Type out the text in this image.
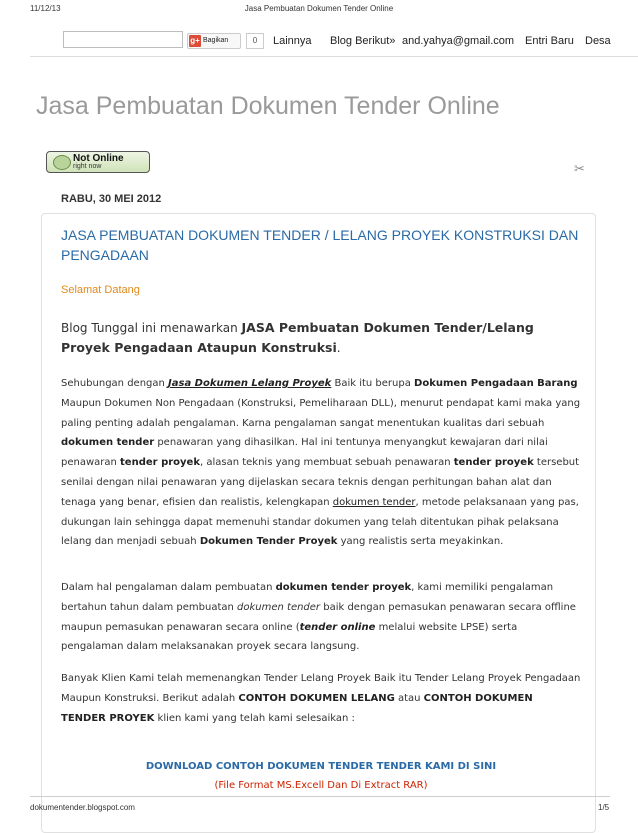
11/12/13	Jasa Pembuatan Dokumen Tender Online
g+ Bagikan	0	Lainnya Blog Berikut» and.yahya@gmail.com Entri Baru Desa
Jasa Pembuatan Dokumen Tender Online
Not Online
right now	✂
RABU, 30 MEI 2012
JASA PEMBUATAN DOKUMEN TENDER / LELANG PROYEK KONSTRUKSI DAN PENGADAAN
Selamat Datang
Blog Tunggal ini menawarkan JASA Pembuatan Dokumen Tender/Lelang Proyek Pengadaan Ataupun Konstruksi.
Sehubungan dengan Jasa Dokumen Lelang Proyek Baik itu berupa Dokumen Pengadaan Barang Maupun Dokumen Non Pengadaan (Konstruksi, Pemeliharaan DLL), menurut pendapat kami maka yang paling penting adalah pengalaman. Karna pengalaman sangat menentukan kualitas dari sebuah dokumen tender penawaran yang dihasilkan. Hal ini tentunya menyangkut kewajaran dari nilai penawaran tender proyek, alasan teknis yang membuat sebuah penawaran tender proyek tersebut senilai dengan nilai penawaran yang dijelaskan secara teknis dengan perhitungan bahan alat dan tenaga yang benar, efisien dan realistis, kelengkapan dokumen tender, metode pelaksanaan yang pas, dukungan lain sehingga dapat memenuhi standar dokumen yang telah ditentukan pihak pelaksana lelang dan menjadi sebuah Dokumen Tender Proyek yang realistis serta meyakinkan.
Dalam hal pengalaman dalam pembuatan dokumen tender proyek, kami memiliki pengalaman bertahun tahun dalam pembuatan dokumen tender baik dengan pemasukan penawaran secara offline maupun pemasukan penawaran secara online (tender online melalui website LPSE) serta pengalaman dalam melaksanakan proyek secara langsung.
Banyak Klien Kami telah memenangkan Tender Lelang Proyek Baik itu Tender Lelang Proyek Pengadaan Maupun Konstruksi. Berikut adalah CONTOH DOKUMEN LELANG atau CONTOH DOKUMEN TENDER PROYEK klien kami yang telah kami selesaikan :
DOWNLOAD CONTOH DOKUMEN TENDER TENDER KAMI DI SINI
(File Format MS.Excell Dan Di Extract RAR)
dokumentender.blogspot.com	1/5
